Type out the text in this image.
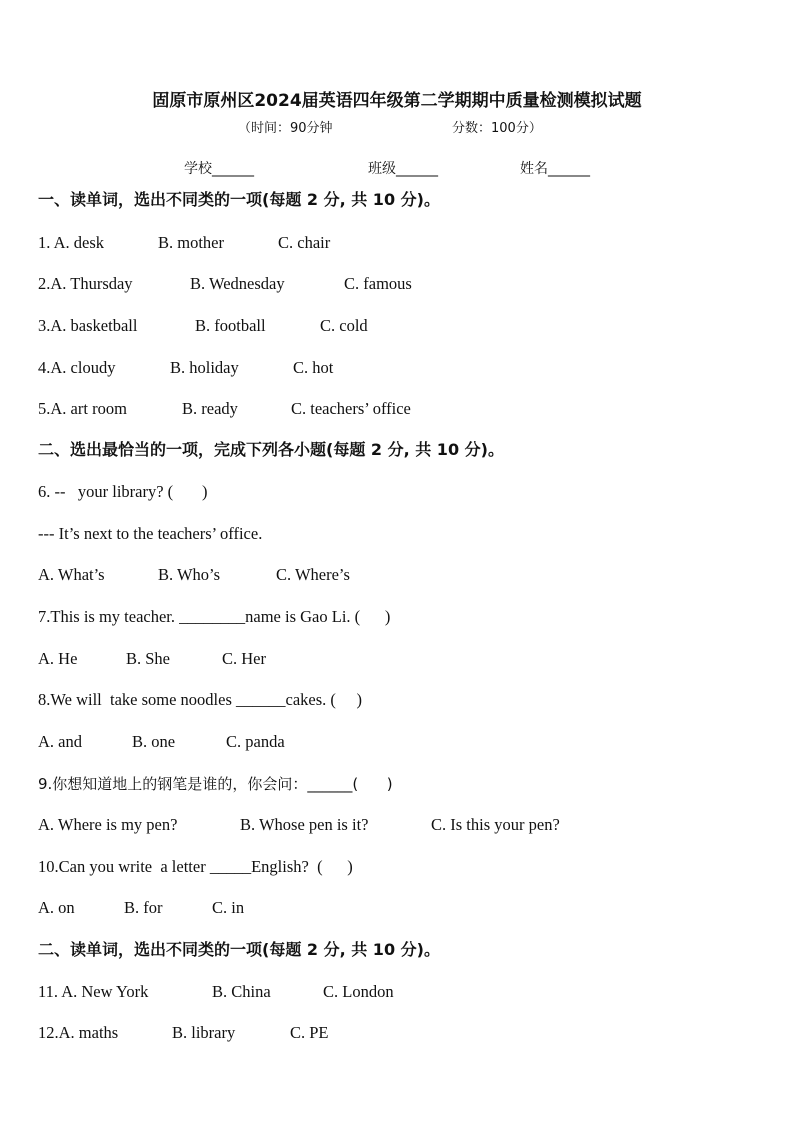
固原市原州区2024届英语四年级第二学期期中质量检测模拟试题
（时间：90分钟	分数：100分）
学校______	班级______	姓名______
一、读单词，选出不同类的一项(每题 2 分, 共 10 分)。
1. A. desk	B. mother	C. chair
2.A. Thursday	B. Wednesday	C. famous
3.A. basketball	B. football	C. cold
4.A. cloudy	B. holiday	C. hot
5.A. art room	B. ready	C. teachers’ office
二、选出最恰当的一项，完成下列各小题(每题 2 分, 共 10 分)。
6. --   your library? (       )
--- It’s next to the teachers’ office.
A. What’s	B. Who’s	C. Where’s
7.This is my teacher. ________name is Gao Li. (      )
A. He	B. She	C. Her
8.We will  take some noodles ______cakes. (     )
A. and	B. one	C. panda
9.你想知道地上的钢笔是谁的，你会问：______(      )
A. Where is my pen?	B. Whose pen is it?	C. Is this your pen?
10.Can you write  a letter _____English?  (      )
A. on	B. for	C. in
二、读单词，选出不同类的一项(每题 2 分, 共 10 分)。
11. A. New York	B. China	C. London
12.A. maths	B. library	C. PE
